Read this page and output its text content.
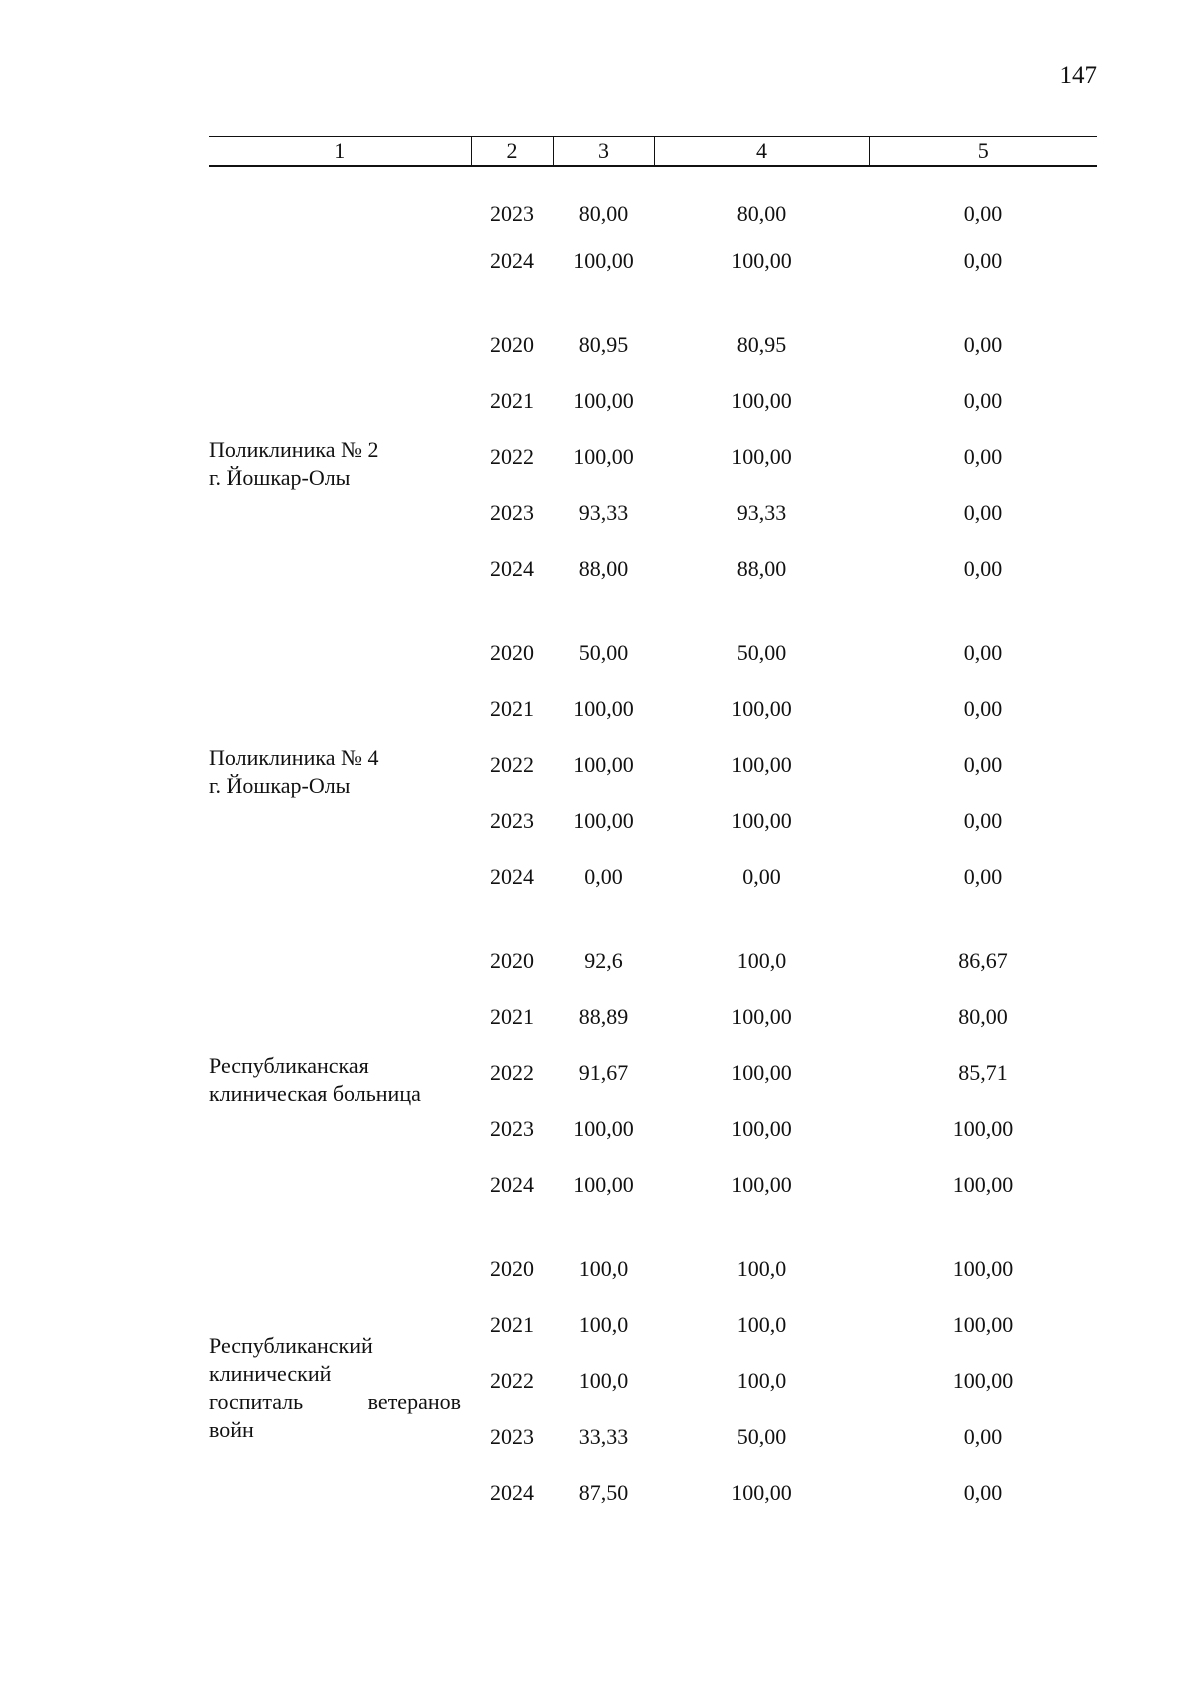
147
1	2	3	4	5
	2023	80,00	80,00	0,00
	2024	100,00	100,00	0,00

Поликлиника № 2
г. Йошкар-Олы	2020	80,95	80,95	0,00
	2021	100,00	100,00	0,00
	2022	100,00	100,00	0,00
	2023	93,33	93,33	0,00
	2024	88,00	88,00	0,00

Поликлиника № 4
г. Йошкар-Олы	2020	50,00	50,00	0,00
	2021	100,00	100,00	0,00
	2022	100,00	100,00	0,00
	2023	100,00	100,00	0,00
	2024	0,00	0,00	0,00

Республиканская
клиническая больница	2020	92,6	100,0	86,67
	2021	88,89	100,00	80,00
	2022	91,67	100,00	85,71
	2023	100,00	100,00	100,00
	2024	100,00	100,00	100,00

Республиканский
клинический
госпиталь ветеранов
войн	2020	100,0	100,0	100,00
	2021	100,0	100,0	100,00
	2022	100,0	100,0	100,00
	2023	33,33	50,00	0,00
	2024	87,50	100,00	0,00
